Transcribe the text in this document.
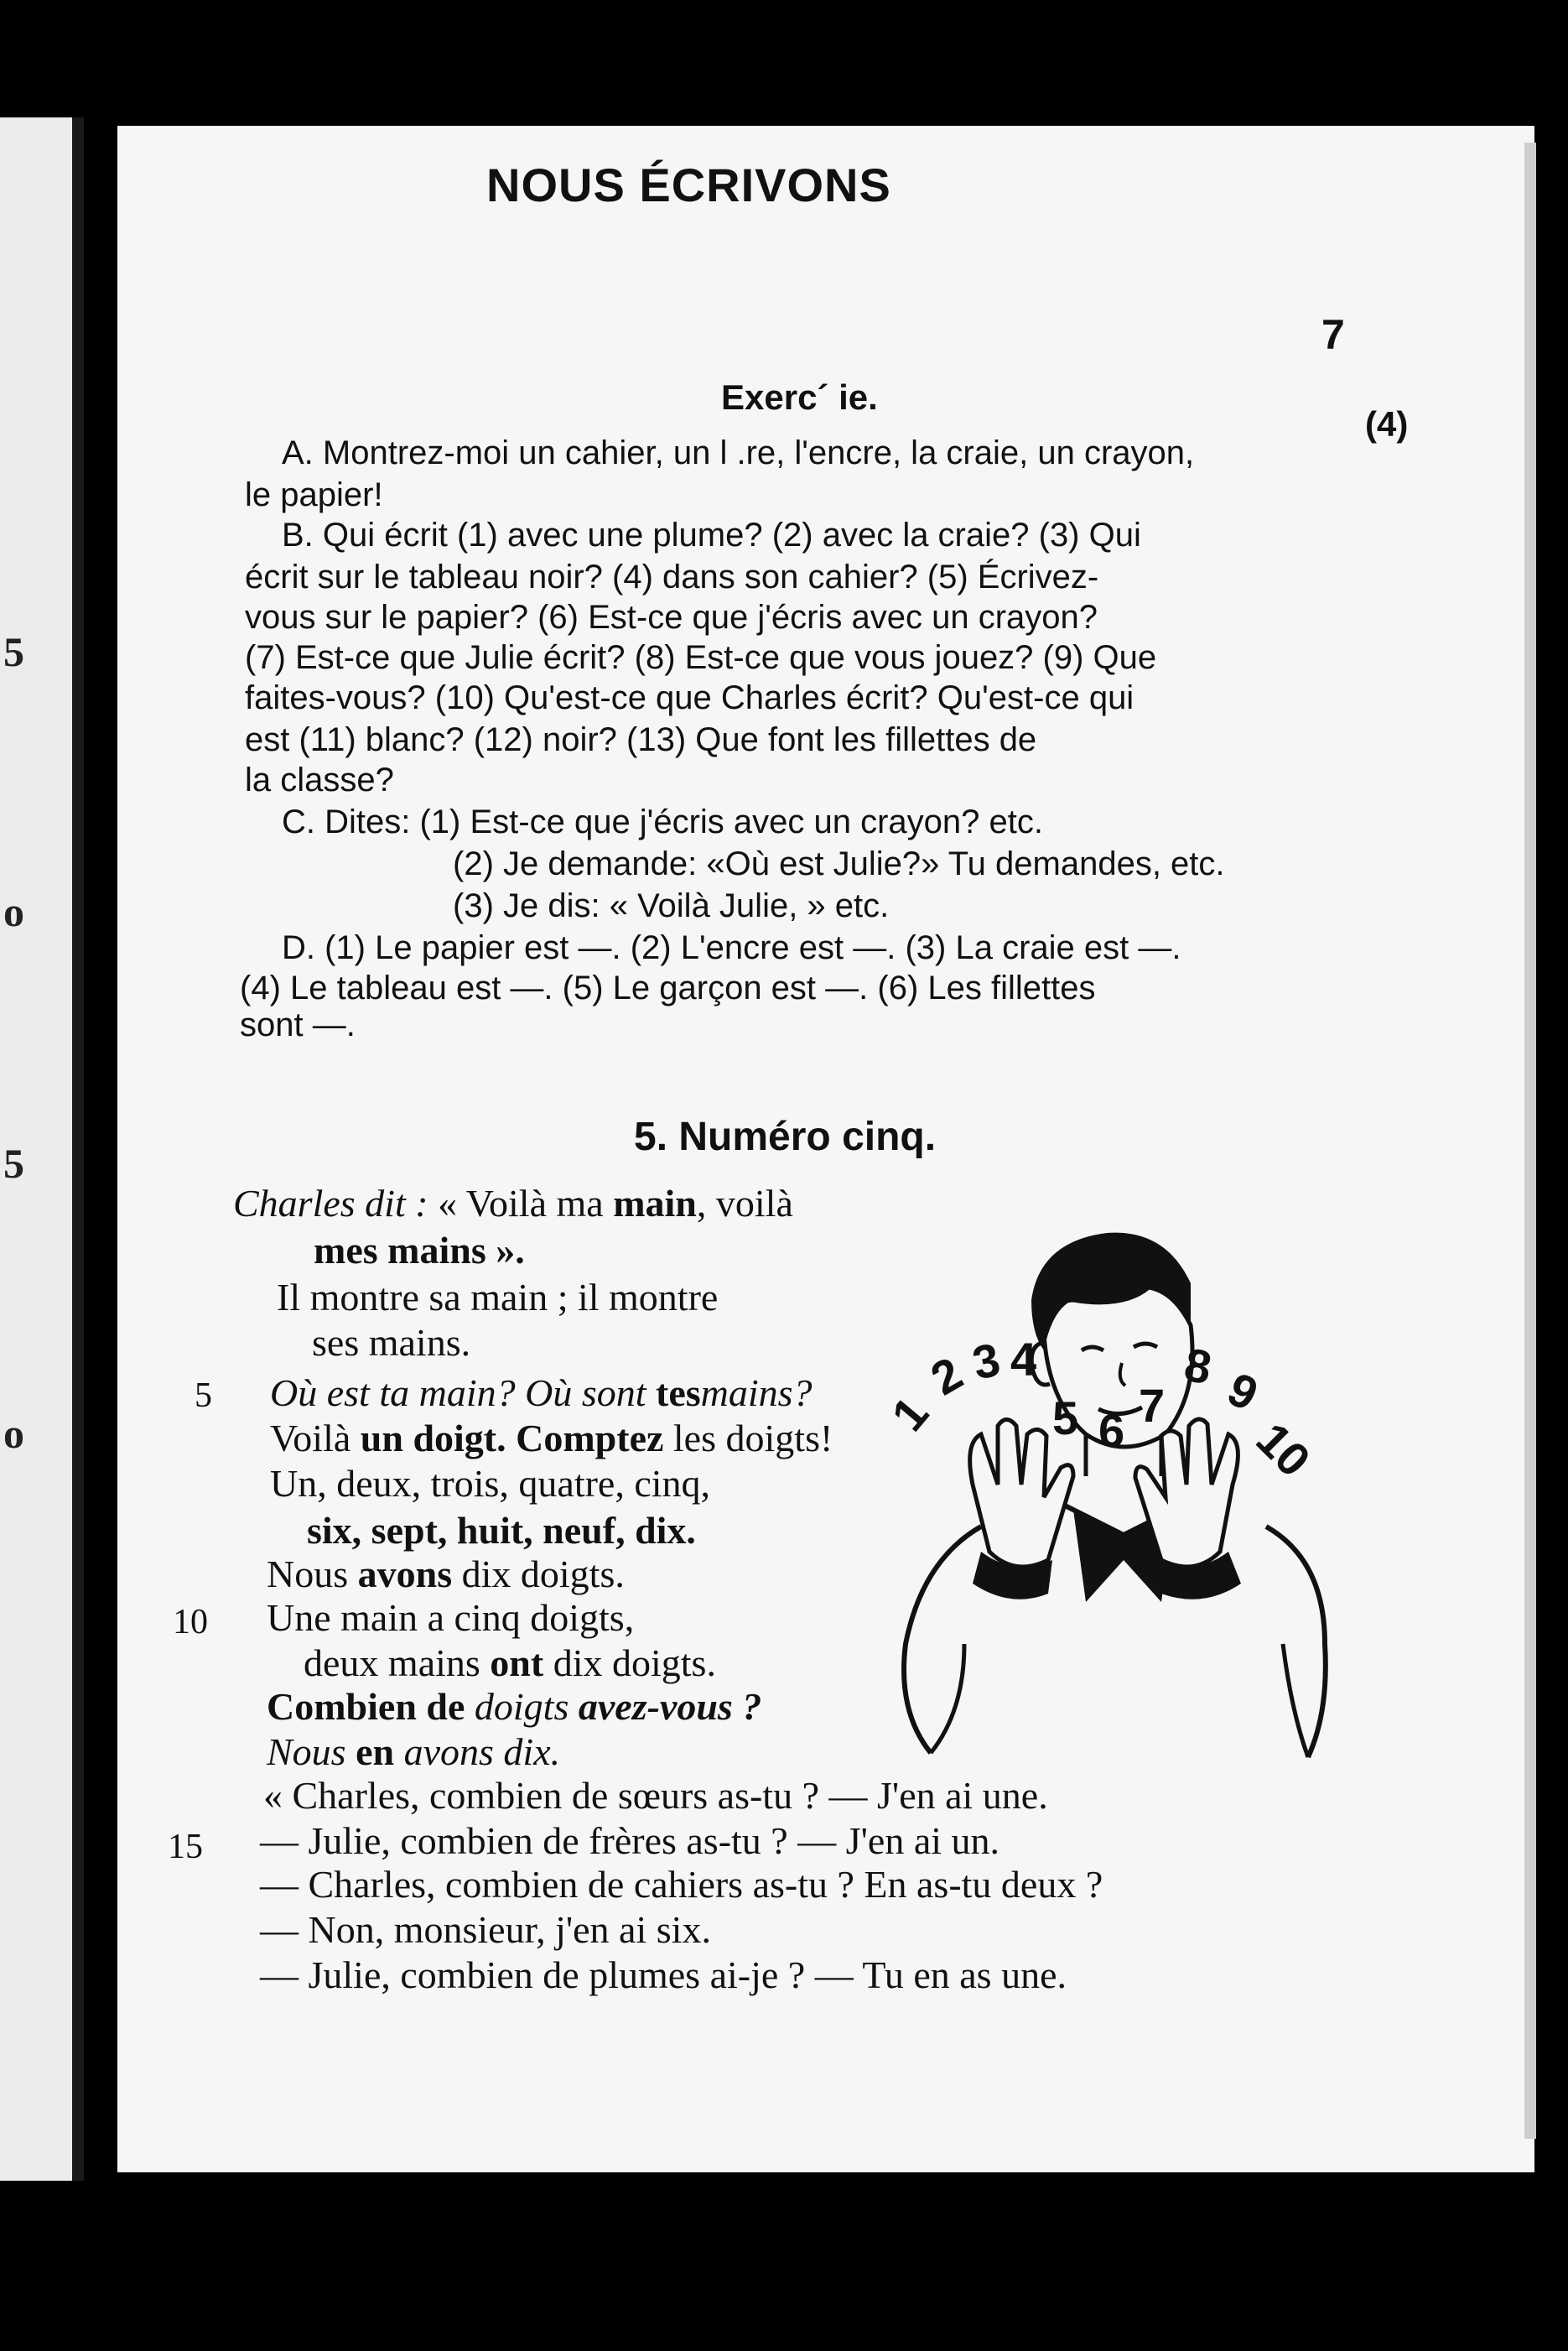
5
o
5
o
NOUS ÉCRIVONS
7
(4)
Exerc´ ie.
A. Montrez-moi un cahier, un l .re, l'encre, la craie, un crayon,
le papier!
B. Qui écrit (1) avec une plume? (2) avec la craie? (3) Qui
écrit sur le tableau noir? (4) dans son cahier? (5) Écrivez-
vous sur le papier? (6) Est-ce que j'écris avec un crayon?
(7) Est-ce que Julie écrit? (8) Est-ce que vous jouez? (9) Que
faites-vous? (10) Qu'est-ce que Charles écrit? Qu'est-ce qui
est (11) blanc? (12) noir? (13) Que font les fillettes de
la classe?
C. Dites: (1) Est-ce que j'écris avec un crayon? etc.
(2) Je demande: «Où est Julie?» Tu demandes, etc.
(3) Je dis: « Voilà Julie, » etc.
D. (1) Le papier est —. (2) L'encre est —. (3) La craie est —.
(4) Le tableau est —. (5) Le garçon est —. (6) Les fillettes
sont —.
5. Numéro cinq.
Charles dit : « Voilà ma main, voilà
mes mains ».
Il montre sa main ; il montre
ses mains.
Où est ta main? Où sont tesmains?
Voilà un doigt. Comptez les doigts!
Un, deux, trois, quatre, cinq,
six, sept, huit, neuf, dix.
Nous avons dix doigts.
Une main a cinq doigts,
deux mains ont dix doigts.
Combien de doigts avez-vous ?
Nous en avons dix.
« Charles, combien de sœurs as-tu ? — J'en ai une.
— Julie, combien de frères as-tu ? — J'en ai un.
— Charles, combien de cahiers as-tu ? En as-tu deux ?
— Non, monsieur, j'en ai six.
— Julie, combien de plumes ai-je ? — Tu en as une.
5
10
15
1
2
3 4
5 6 7
8 9
10
